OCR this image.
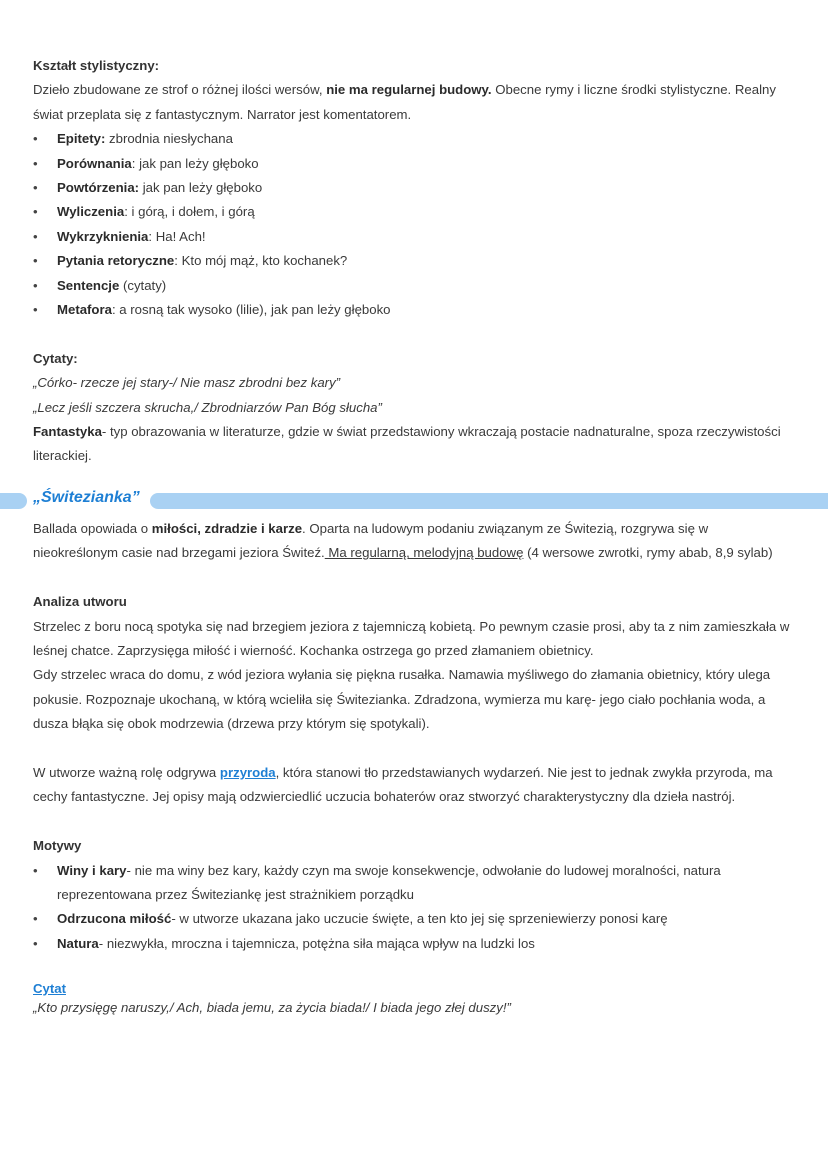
„Świtezianka”
Kształt stylistyczny:

Dzieło zbudowane ze strof o różnej ilości wersów, nie ma regularnej budowy. Obecne rymy i liczne środki stylistyczne. Realny świat przeplata się z fantastycznym. Narrator jest komentatorem.

• Epitety: zbrodnia niesłychana
• Porównania: jak pan leży głęboko
• Powtórzenia: jak pan leży głęboko
• Wyliczenia: i górą, i dołem, i górą
• Wykrzyknienia: Ha! Ach!
• Pytania retoryczne: Kto mój mąż, kto kochanek?
• Sentencje (cytaty)
• Metafora: a rosną tak wysoko (lilie), jak pan leży głęboko
Cytaty:

„Córko- rzecze jej stary-/ Nie masz zbrodni bez kary”

„Lecz jeśli szczera skrucha,/ Zbrodniarzów Pan Bóg słucha”

Fantastyka- typ obrazowania w literaturze, gdzie w świat przedstawiony wkraczają postacie nadnaturalne, spoza rzeczywistości literackiej.

Ballada opowiada o miłości, zdradzie i karze. Oparta na ludowym podaniu związanym ze Świtezią, rozgrywa się w nieokreślonym casie nad brzegami jeziora Świteź. Ma regularną, melodyjną budowę (4 wersowe zwrotki, rymy abab, 8,9 sylab)

Analiza utworu

Strzelec z boru nocą spotyka się nad brzegiem jeziora z tajemniczą kobietą. Po pewnym czasie prosi, aby ta z nim zamieszkała w leśnej chatce. Zaprzysięga miłość i wierność. Kochanka ostrzega go przed złamaniem obietnicy.

Gdy strzelec wraca do domu, z wód jeziora wyłania się piękna rusałka. Namawia myśliwego do złamania obietnicy, który ulega pokusie. Rozpoznaje ukochaną, w którą wcieliła się Świtezianka. Zdradzona, wymierza mu karę- jego ciało pochłania woda, a dusza błąka się obok modrzewia (drzewa przy którym się spotykali).

W utworze ważną rolę odgrywa przyroda, która stanowi tło przedstawianych wydarzeń. Nie jest to jednak zwykła przyroda, ma cechy fantastyczne. Jej opisy mają odzwierciedlić uczucia bohaterów oraz stworzyć charakterystyczny dla dzieła nastrój.

Motywy
• Winy i kary- nie ma winy bez kary, każdy czyn ma swoje konsekwencje, odwołanie do ludowej moralności, natura reprezentowana przez Świteziankę jest strażnikiem porządku
• Odrzucona miłość- w utworze ukazana jako uczucie święte, a ten kto jej się sprzeniewierzy ponosi karę
• Natura- niezwykła, mroczna i tajemnicza, potężna siła mająca wpływ na ludzki los
Cytat

„Kto przysięgę naruszy,/ Ach, biada jemu, za życia biada!/ I biada jego złej duszy!”
